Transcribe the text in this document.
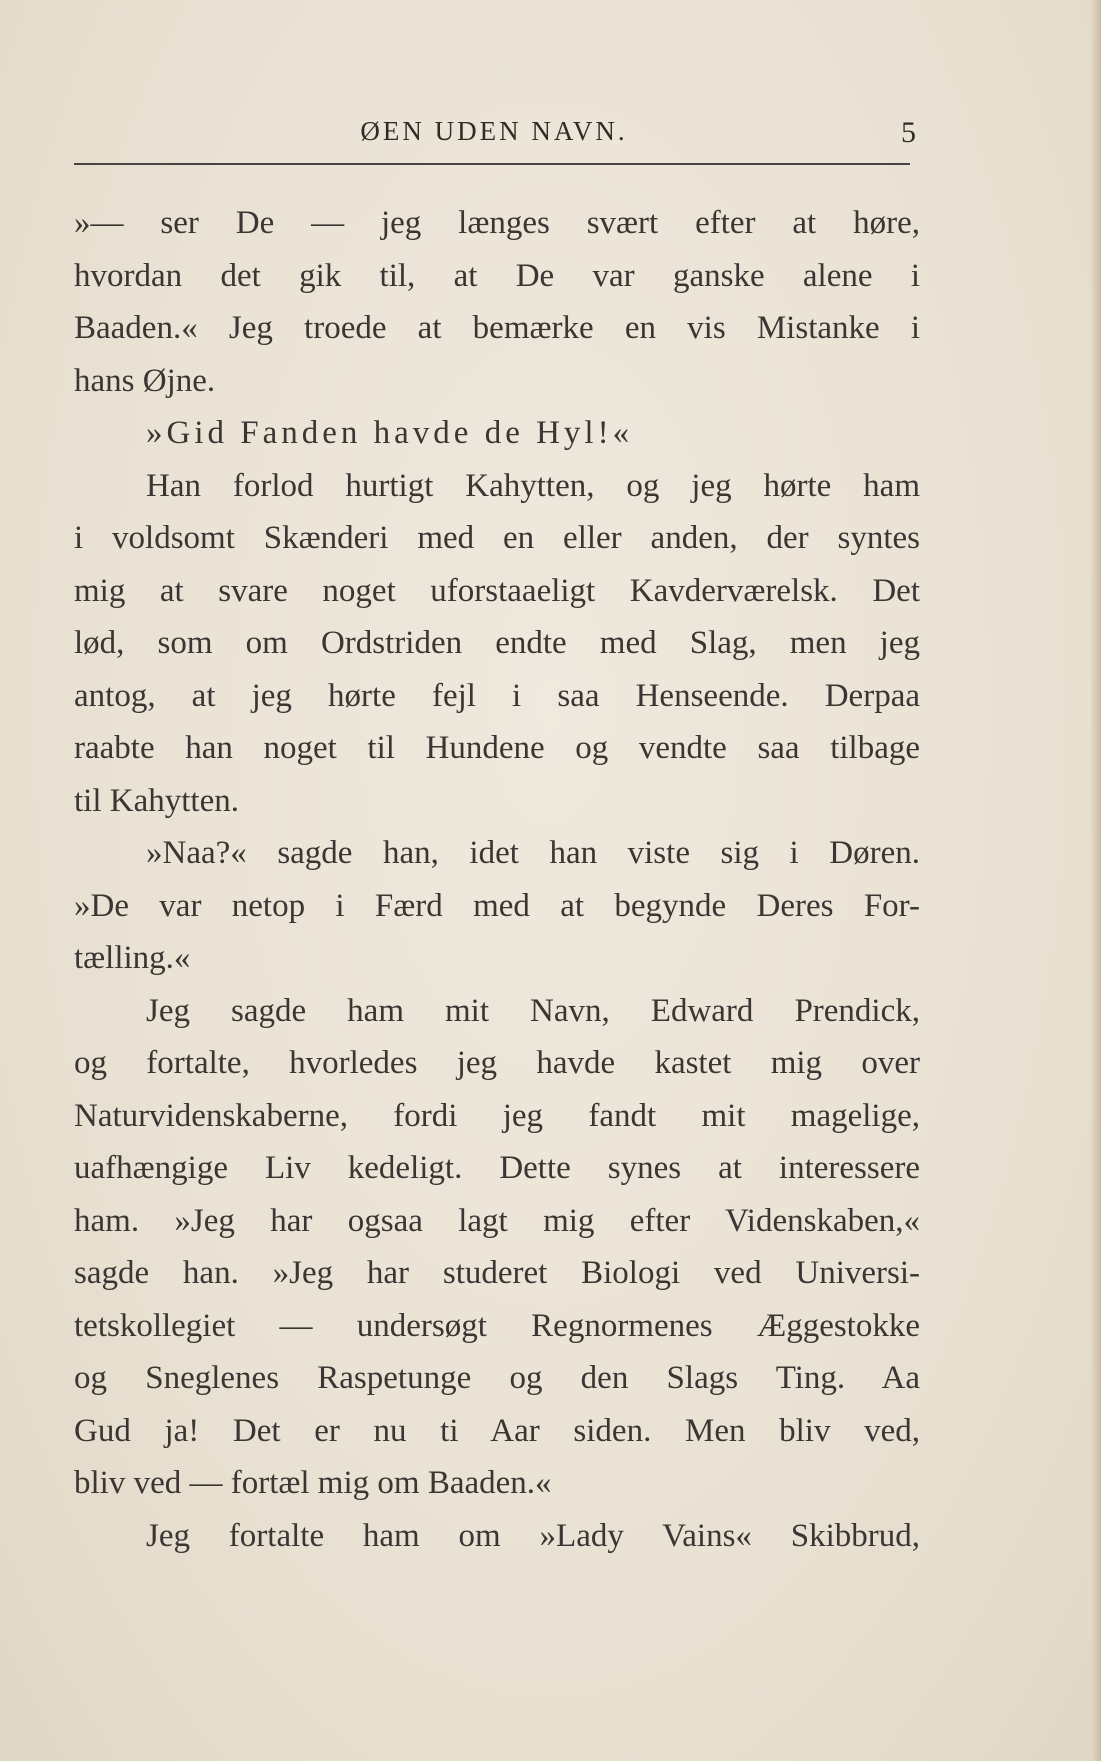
ØEN UDEN NAVN.	5
»— ser De — jeg længes svært efter at høre,
hvordan det gik til, at De var ganske alene i
Baaden.« Jeg troede at bemærke en vis Mistanke i
hans Øjne.
»Gid Fanden havde de Hyl!«
Han forlod hurtigt Kahytten, og jeg hørte ham
i voldsomt Skænderi med en eller anden, der syntes
mig at svare noget uforstaaeligt Kavderværelsk. Det
lød, som om Ordstriden endte med Slag, men jeg
antog, at jeg hørte fejl i saa Henseende. Derpaa
raabte han noget til Hundene og vendte saa tilbage
til Kahytten.
»Naa?« sagde han, idet han viste sig i Døren.
»De var netop i Færd med at begynde Deres For-
tælling.«
Jeg sagde ham mit Navn, Edward Prendick,
og fortalte, hvorledes jeg havde kastet mig over
Naturvidenskaberne, fordi jeg fandt mit magelige,
uafhængige Liv kedeligt. Dette synes at interessere
ham. »Jeg har ogsaa lagt mig efter Videnskaben,«
sagde han. »Jeg har studeret Biologi ved Universi-
tetskollegiet — undersøgt Regnormenes Æggestokke
og Sneglenes Raspetunge og den Slags Ting. Aa
Gud ja! Det er nu ti Aar siden. Men bliv ved,
bliv ved — fortæl mig om Baaden.«
Jeg fortalte ham om »Lady Vains« Skibbrud,
